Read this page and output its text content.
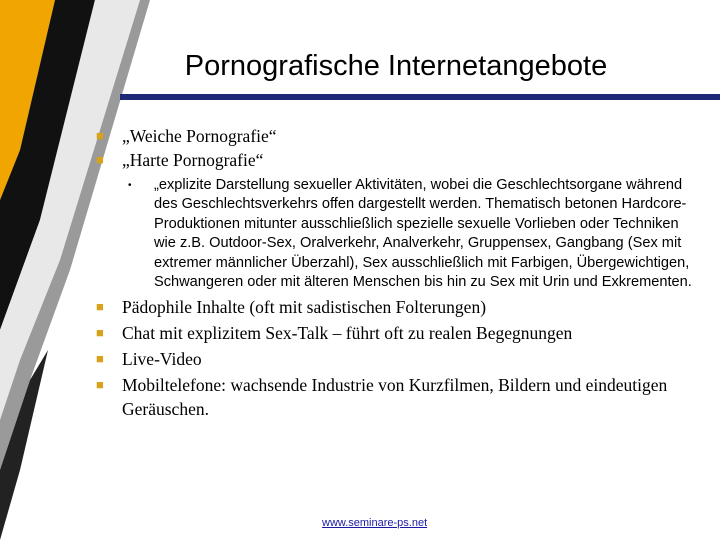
Pornografische Internetangebote
■ „Weiche Pornografie“
■ „Harte Pornografie“
• „explizite Darstellung sexueller Aktivitäten, wobei die Geschlechtsorgane während des Geschlechtsverkehrs offen dargestellt werden. Thematisch betonen Hardcore-Produktionen mitunter ausschließlich spezielle sexuelle Vorlieben oder Techniken wie z.B. Outdoor-Sex, Oralverkehr, Analverkehr, Gruppensex, Gangbang (Sex mit extremer männlicher Überzahl), Sex ausschließlich mit Farbigen, Übergewichtigen, Schwangeren oder mit älteren Menschen bis hin zu Sex mit Urin und Exkrementen.
■ Pädophile Inhalte (oft mit sadistischen Folterungen)
■ Chat mit explizitem Sex-Talk – führt oft zu realen Begegnungen
■ Live-Video
■ Mobiltelefone: wachsende Industrie von Kurzfilmen, Bildern und eindeutigen Geräuschen.
www.seminare-ps.net
